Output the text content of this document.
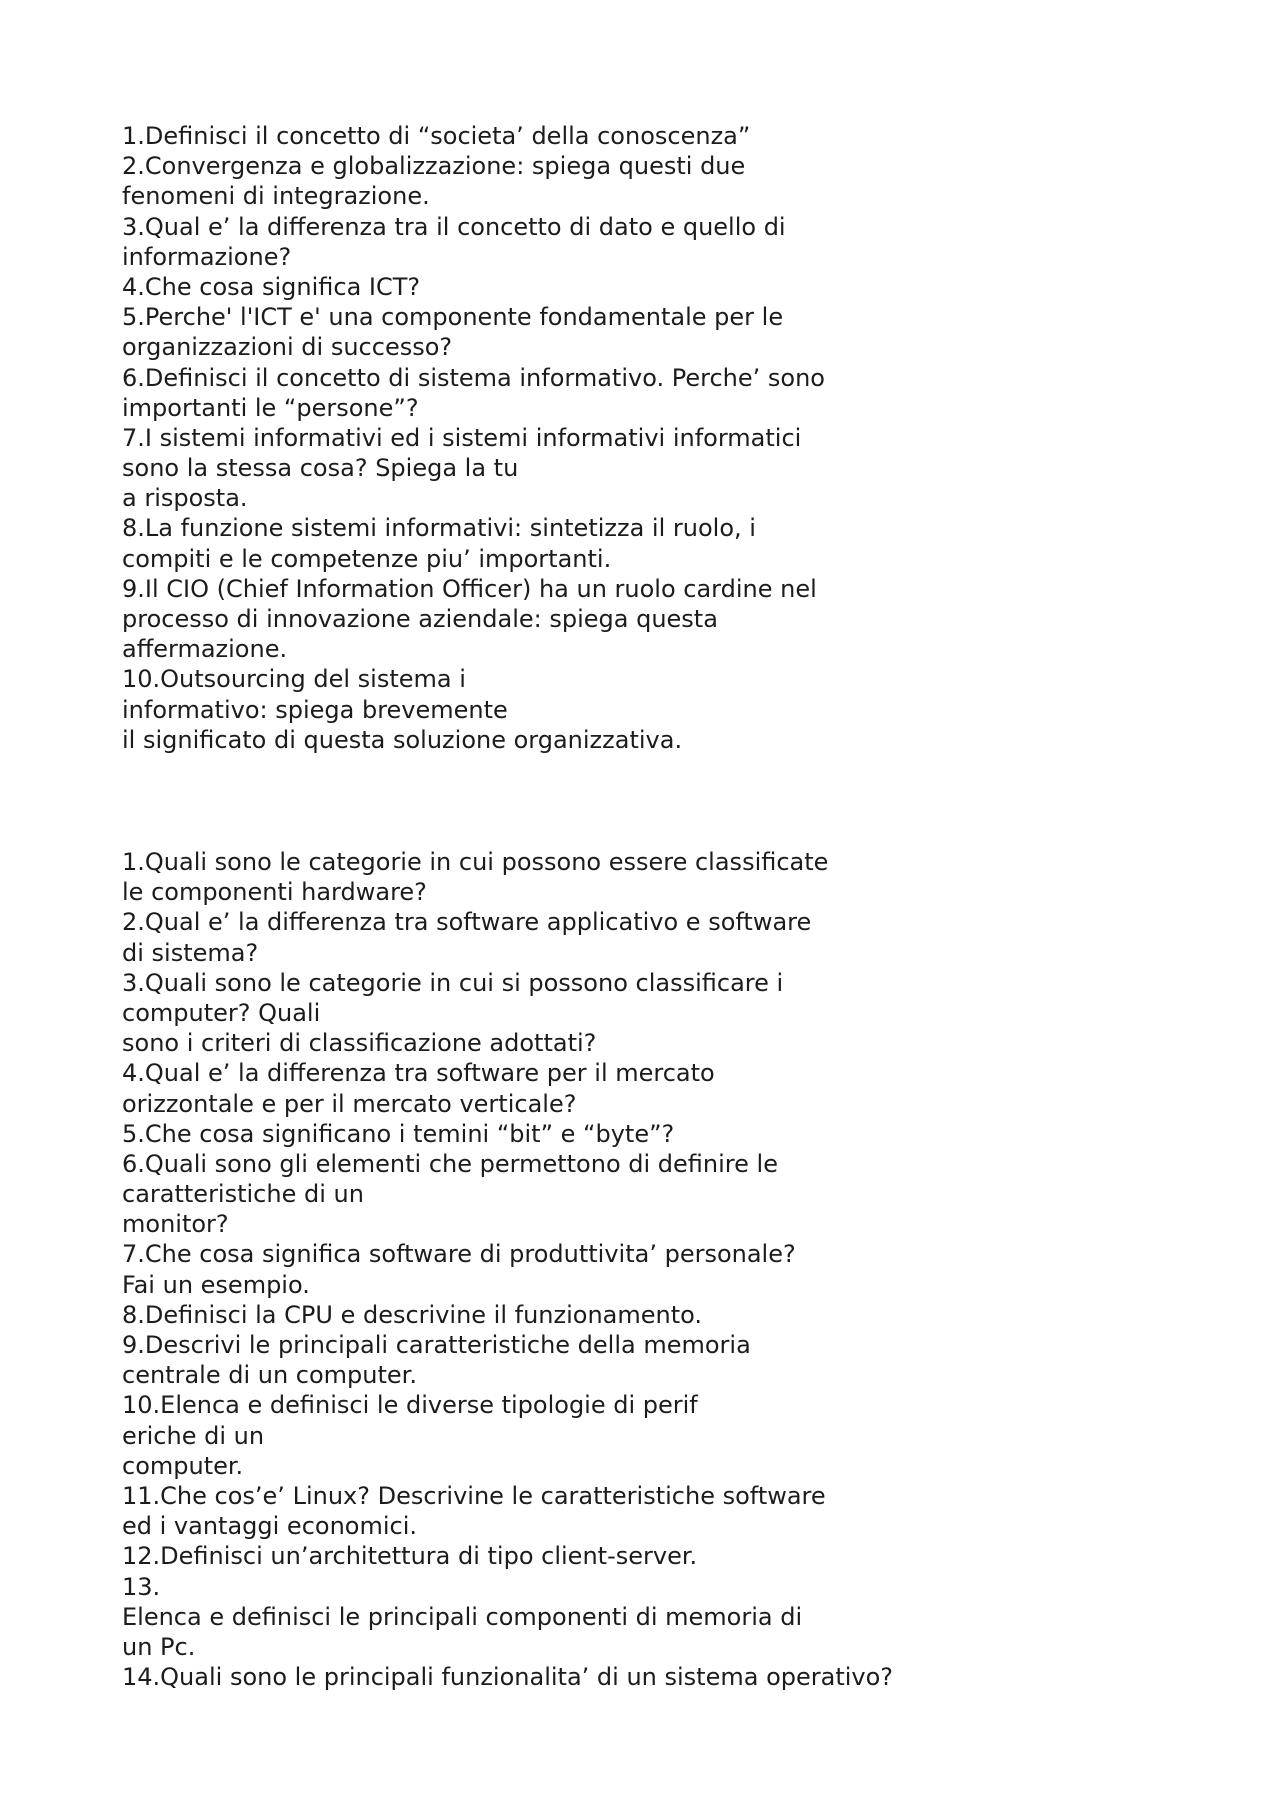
1.Definisci il concetto di “societa’ della conoscenza”
2.Convergenza e globalizzazione: spiega questi due
fenomeni di integrazione.
3.Qual e’ la differenza tra il concetto di dato e quello di
informazione?
4.Che cosa significa ICT?
5.Perche' l'ICT e' una componente fondamentale per le
organizzazioni di successo?
6.Definisci il concetto di sistema informativo. Perche’ sono
importanti le “persone”?
7.I sistemi informativi ed i sistemi informativi informatici
sono la stessa cosa? Spiega la tu
a risposta.
8.La funzione sistemi informativi: sintetizza il ruolo, i
compiti e le competenze piu’ importanti.
9.Il CIO (Chief Information Officer) ha un ruolo cardine nel
processo di innovazione aziendale: spiega questa
affermazione.
10.Outsourcing del sistema i
informativo: spiega brevemente
il significato di questa soluzione organizzativa.
1.Quali sono le categorie in cui possono essere classificate
le componenti hardware?
2.Qual e’ la differenza tra software applicativo e software
di sistema?
3.Quali sono le categorie in cui si possono classificare i
computer? Quali
sono i criteri di classificazione adottati?
4.Qual e’ la differenza tra software per il mercato
orizzontale e per il mercato verticale?
5.Che cosa significano i temini “bit” e “byte”?
6.Quali sono gli elementi che permettono di definire le
caratteristiche di un
monitor?
7.Che cosa significa software di produttivita’ personale?
Fai un esempio.
8.Definisci la CPU e descrivine il funzionamento.
9.Descrivi le principali caratteristiche della memoria
centrale di un computer.
10.Elenca e definisci le diverse tipologie di perif
eriche di un
computer.
11.Che cos’e’ Linux? Descrivine le caratteristiche software
ed i vantaggi economici.
12.Definisci un’architettura di tipo client-server.
13.
Elenca e definisci le principali componenti di memoria di
un Pc.
14.Quali sono le principali funzionalita’ di un sistema operativo?
